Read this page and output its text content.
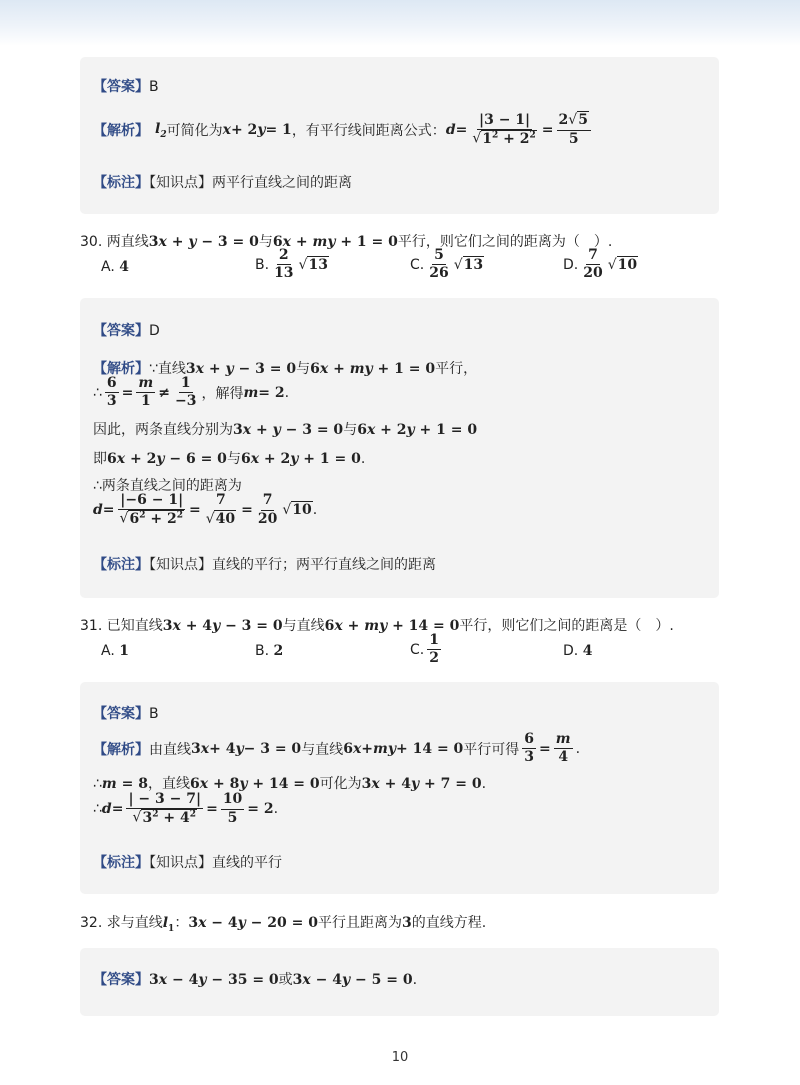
【答案】B
【解析】 $l_2$ 可简化为 x + 2 y = 1 ，有平行线间距离公式： $d = \frac{|3 - 1|}{√1^2 + 2^2} = \frac{2√5}{5}$
【标注】【知识点】两平行直线之间的距离
30. 两直线3x + y − 3 = 0与6x + my + 1 = 0平行，则它们之间的距离为（　）.
A. 4	B. $\frac{2}{13} √13$	C. $\frac{5}{26} √13$	D. $\frac{7}{20} √10$
【答案】D
【解析】∵直线3x + y − 3 = 0与6x + my + 1 = 0平行，
∴ $\frac{6}{3} = \frac{m}{1} \ne \frac{1}{-3}$ ，解得 m = 2 .
因此，两条直线分别为3x + y − 3 = 0与6x + 2y + 1 = 0
即6x + 2y − 6 = 0与6x + 2y + 1 = 0.
∴两条直线之间的距离为
$d = \frac{|-6 - 1|}{√6^2 + 2^2} = \frac{7}{√40} = \frac{7}{20} √10$ .
【标注】【知识点】直线的平行；两平行直线之间的距离
31. 已知直线3x + 4y − 3 = 0与直线6x + my + 14 = 0平行，则它们之间的距离是（　）.
A. 1	B. 2	C. $\frac{1}{2}$	D. 4
【答案】B
【解析】 由直线 3 x + 4 y − 3 = 0 与直线 6 x + my + 14 = 0 平行可得 $\frac{6}{3} = \frac{m}{4}$ .
∴m = 8，直线6x + 8y + 14 = 0可化为3x + 4y + 7 = 0.
∴ $d = \frac{| - 3 - 7|}{√3^2 + 4^2} = \frac{10}{5} = 2$ .
【标注】【知识点】直线的平行
32. 求与直线$l_1$：3x − 4y − 20 = 0平行且距离为3的直线方程.
【答案】3x − 4y − 35 = 0或3x − 4y − 5 = 0.
10
